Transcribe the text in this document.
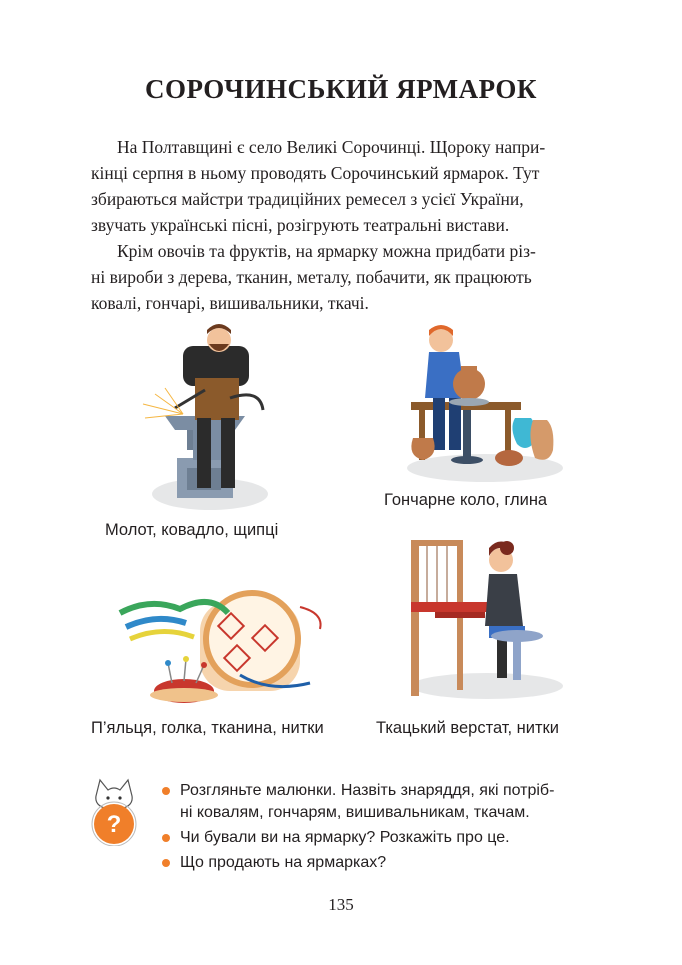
СОРОЧИНСЬКИЙ ЯРМАРОК
На Полтавщині є село Великі Сорочинці. Щороку напри-
кінці серпня в ньому проводять Сорочинський ярмарок. Тут
збираються майстри традиційних ремесел з усієї України,
звучать українські пісні, розігрують театральні вистави.
Крім овочів та фруктів, на ярмарку можна придбати різ-
ні вироби з дерева, тканин, металу, побачити, як працюють
ковалі, гончарі, вишивальники, ткачі.
Молот, ковадло, щипці
Гончарне коло, глина
П’яльця, голка, тканина, нитки	Ткацький верстат, нитки
?
Розгляньте малюнки. Назвіть знаряддя, які потріб-
ні ковалям, гончарям, вишивальникам, ткачам.
Чи бували ви на ярмарку? Розкажіть про це.
Що продають на ярмарках?
135
